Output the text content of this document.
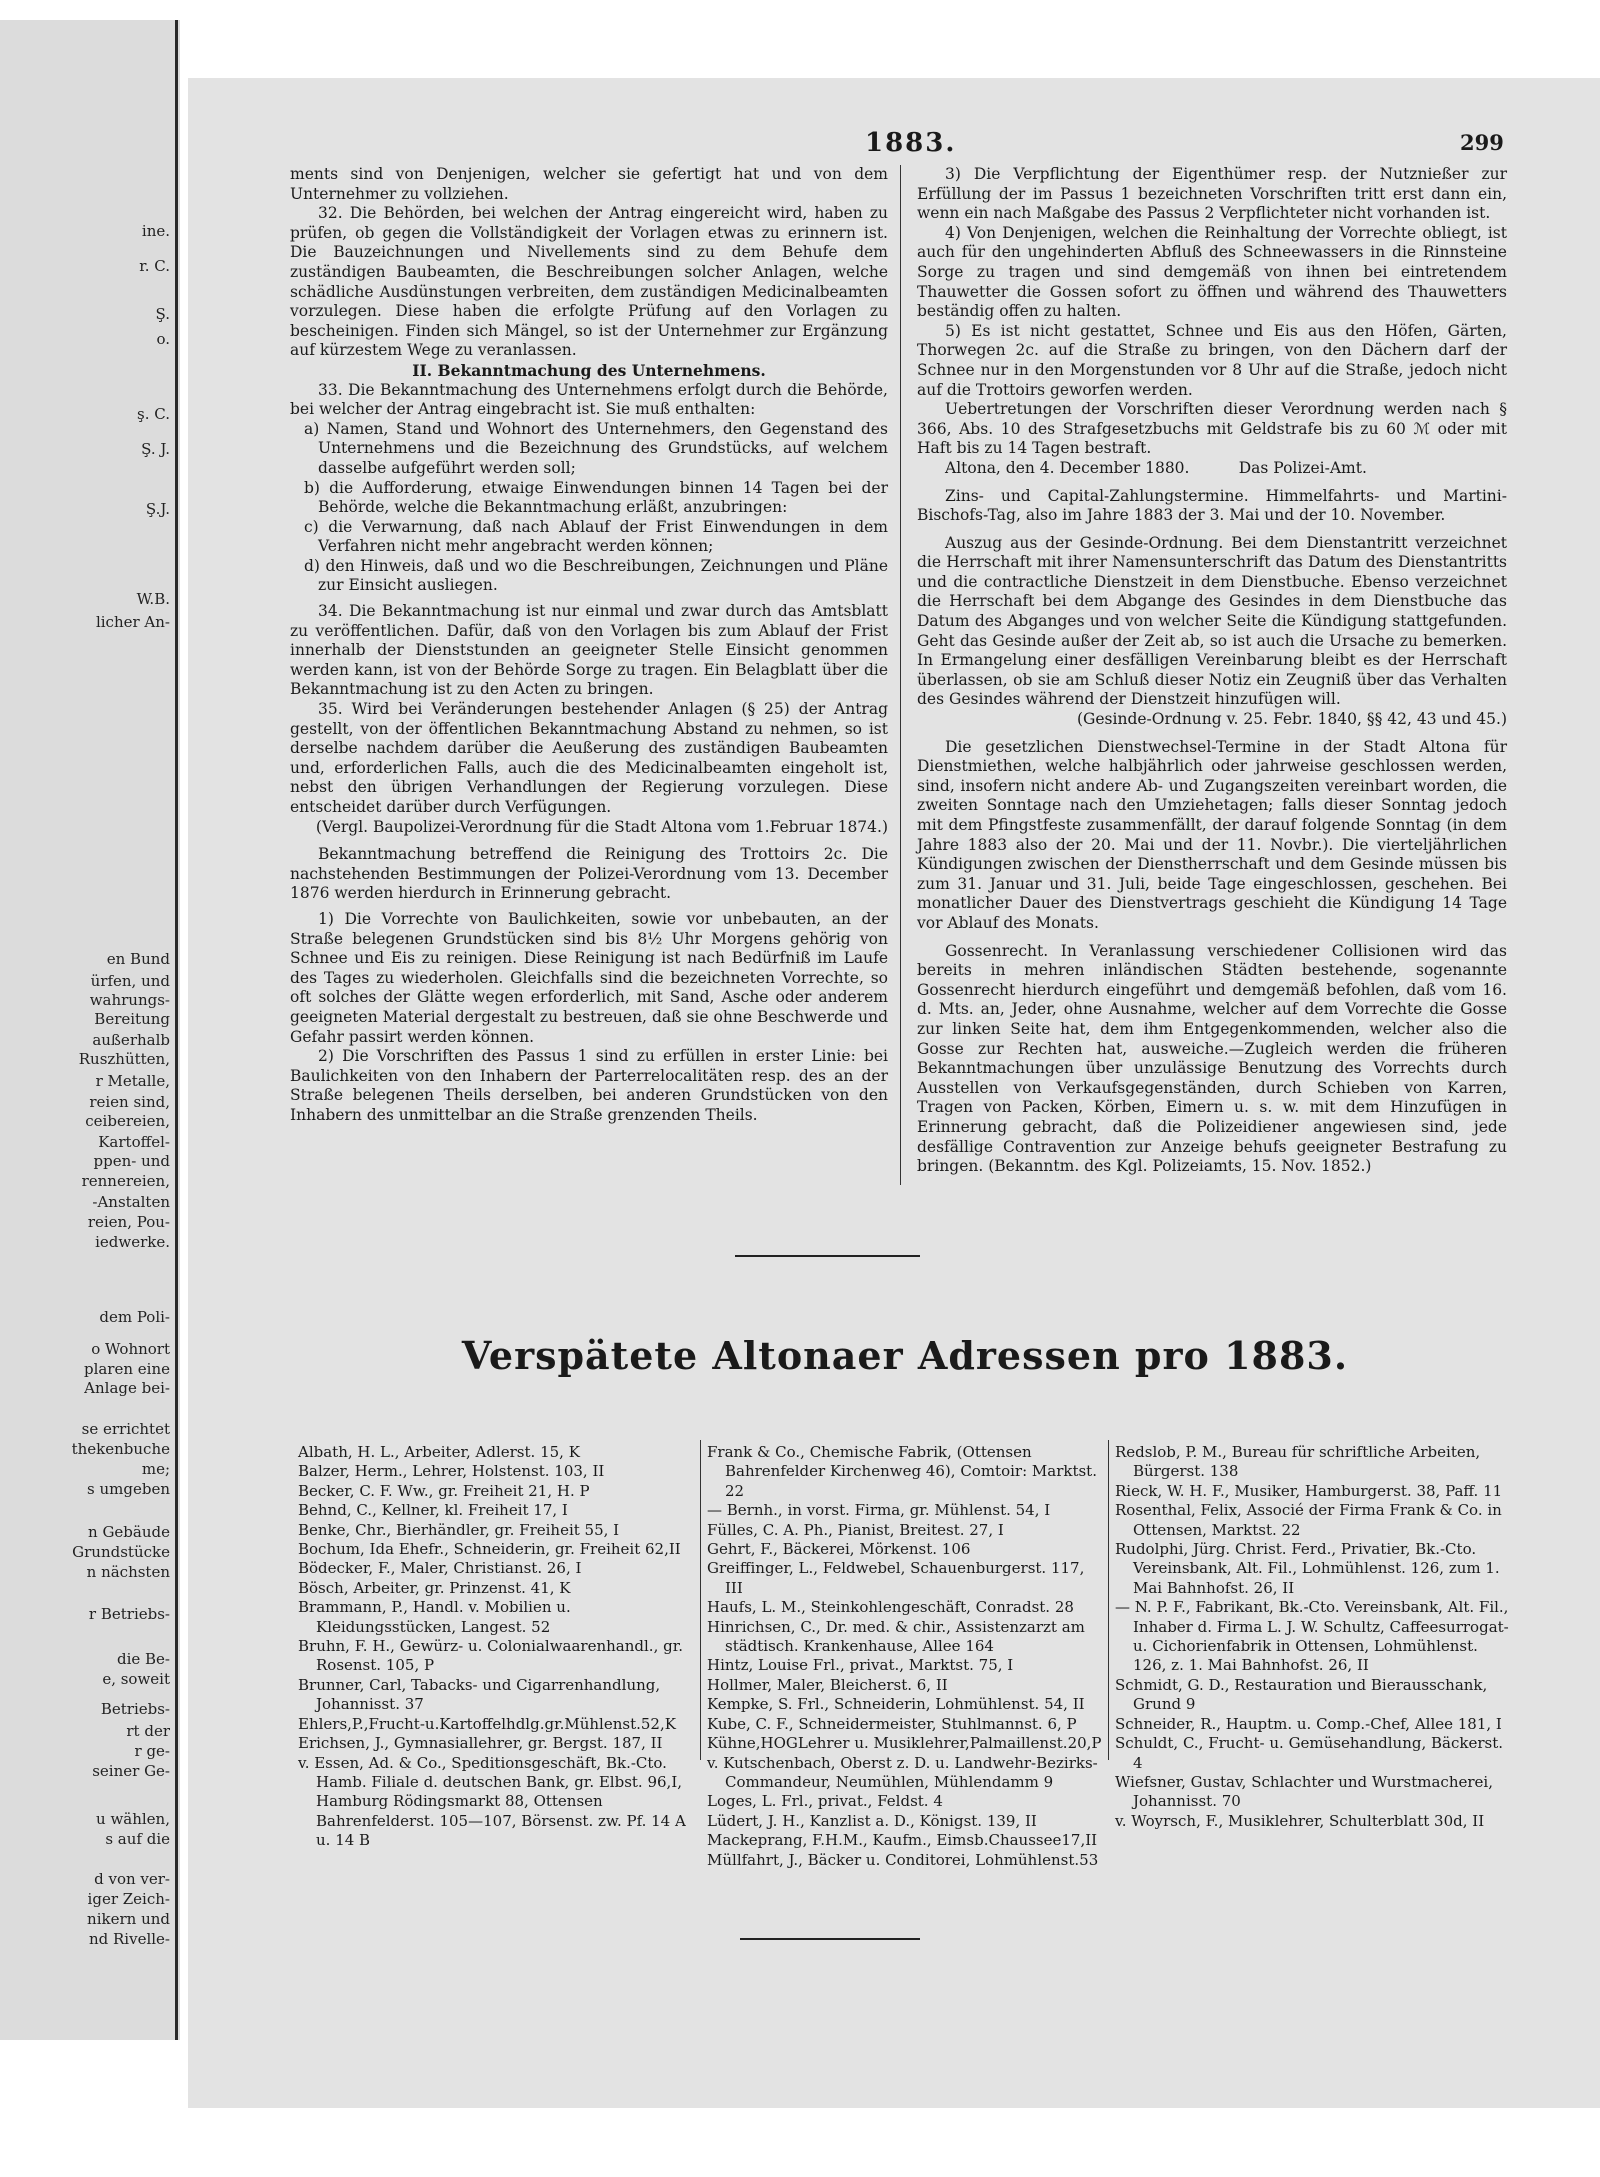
ine.
r. C.
Ş.
o.
ş. C.
Ş. J.
Ş.J.
W.B.
licher An-
en Bund
ürfen, und
wahrungs-
Bereitung
außerhalb
Ruszhütten,
r Metalle,
reien sind,
ceibereien,
Kartoffel-
ppen- und
rennereien,
-Anstalten
reien, Pou-
iedwerke.
dem Poli-
o Wohnort
plaren eine
Anlage bei-
se errichtet
thekenbuche
me;
s umgeben
n Gebäude
Grundstücke
n nächsten
r Betriebs-
die Be-
e, soweit
Betriebs-
rt der
r ge-
seiner Ge-
u wählen,
s auf die
d von ver-
iger Zeich-
nikern und
nd Rivelle-
1883.	299

ments sind von Denjenigen, welcher sie gefertigt hat und von dem Unternehmer zu vollziehen.

32. Die Behörden, bei welchen der Antrag eingereicht wird, haben zu prüfen, ob gegen die Vollständigkeit der Vorlagen etwas zu erinnern ist. Die Bauzeichnungen und Nivellements sind zu dem Behufe dem zuständigen Baubeamten, die Beschreibungen solcher Anlagen, welche schädliche Ausdünstungen verbreiten, dem zuständigen Medicinalbeamten vorzulegen. Diese haben die erfolgte Prüfung auf den Vorlagen zu bescheinigen. Finden sich Mängel, so ist der Unternehmer zur Ergänzung auf kürzestem Wege zu veranlassen.

II. Bekanntmachung des Unternehmens.

33. Die Bekanntmachung des Unternehmens erfolgt durch die Behörde, bei welcher der Antrag eingebracht ist. Sie muß enthalten:

a) Namen, Stand und Wohnort des Unternehmers, den Gegenstand des Unternehmens und die Bezeichnung des Grundstücks, auf welchem dasselbe aufgeführt werden soll;

b) die Aufforderung, etwaige Einwendungen binnen 14 Tagen bei der Behörde, welche die Bekanntmachung erläßt, anzubringen:

c) die Verwarnung, daß nach Ablauf der Frist Einwendungen in dem Verfahren nicht mehr angebracht werden können;

d) den Hinweis, daß und wo die Beschreibungen, Zeichnungen und Pläne zur Einsicht ausliegen.

34. Die Bekanntmachung ist nur einmal und zwar durch das Amtsblatt zu veröffentlichen. Dafür, daß von den Vorlagen bis zum Ablauf der Frist innerhalb der Dienststunden an geeigneter Stelle Einsicht genommen werden kann, ist von der Behörde Sorge zu tragen. Ein Belagblatt über die Bekanntmachung ist zu den Acten zu bringen.

35. Wird bei Veränderungen bestehender Anlagen (§ 25) der Antrag gestellt, von der öffentlichen Bekanntmachung Abstand zu nehmen, so ist derselbe nachdem darüber die Aeußerung des zuständigen Baubeamten und, erforderlichen Falls, auch die des Medicinalbeamten eingeholt ist, nebst den übrigen Verhandlungen der Regierung vorzulegen. Diese entscheidet darüber durch Verfügungen.

(Vergl. Baupolizei-Verordnung für die Stadt Altona vom 1.Februar 1874.)

Bekanntmachung betreffend die Reinigung des Trottoirs 2c. Die nachstehenden Bestimmungen der Polizei-Verordnung vom 13. December 1876 werden hierdurch in Erinnerung gebracht.

1) Die Vorrechte von Baulichkeiten, sowie vor unbebauten, an der Straße belegenen Grundstücken sind bis 8½ Uhr Morgens gehörig von Schnee und Eis zu reinigen. Diese Reinigung ist nach Bedürfniß im Laufe des Tages zu wiederholen. Gleichfalls sind die bezeichneten Vorrechte, so oft solches der Glätte wegen erforderlich, mit Sand, Asche oder anderem geeigneten Material dergestalt zu bestreuen, daß sie ohne Beschwerde und Gefahr passirt werden können.

2) Die Vorschriften des Passus 1 sind zu erfüllen in erster Linie: bei Baulichkeiten von den Inhabern der Parterrelocalitäten resp. des an der Straße belegenen Theils derselben, bei anderen Grundstücken von den Inhabern des unmittelbar an die Straße grenzenden Theils.

3) Die Verpflichtung der Eigenthümer resp. der Nutznießer zur Erfüllung der im Passus 1 bezeichneten Vorschriften tritt erst dann ein, wenn ein nach Maßgabe des Passus 2 Verpflichteter nicht vorhanden ist.

4) Von Denjenigen, welchen die Reinhaltung der Vorrechte obliegt, ist auch für den ungehinderten Abfluß des Schneewassers in die Rinnsteine Sorge zu tragen und sind demgemäß von ihnen bei eintretendem Thauwetter die Gossen sofort zu öffnen und während des Thauwetters beständig offen zu halten.

5) Es ist nicht gestattet, Schnee und Eis aus den Höfen, Gärten, Thorwegen 2c. auf die Straße zu bringen, von den Dächern darf der Schnee nur in den Morgenstunden vor 8 Uhr auf die Straße, jedoch nicht auf die Trottoirs geworfen werden.

Uebertretungen der Vorschriften dieser Verordnung werden nach § 366, Abs. 10 des Strafgesetzbuchs mit Geldstrafe bis zu 60 ℳ oder mit Haft bis zu 14 Tagen bestraft.

Altona, den 4. December 1880.          Das Polizei-Amt.

Zins- und Capital-Zahlungstermine. Himmelfahrts- und Martini-Bischofs-Tag, also im Jahre 1883 der 3. Mai und der 10. November.

Auszug aus der Gesinde-Ordnung. Bei dem Dienstantritt verzeichnet die Herrschaft mit ihrer Namensunterschrift das Datum des Dienstantritts und die contractliche Dienstzeit in dem Dienstbuche. Ebenso verzeichnet die Herrschaft bei dem Abgange des Gesindes in dem Dienstbuche das Datum des Abganges und von welcher Seite die Kündigung stattgefunden. Geht das Gesinde außer der Zeit ab, so ist auch die Ursache zu bemerken. In Ermangelung einer desfälligen Vereinbarung bleibt es der Herrschaft überlassen, ob sie am Schluß dieser Notiz ein Zeugniß über das Verhalten des Gesindes während der Dienstzeit hinzufügen will.

(Gesinde-Ordnung v. 25. Febr. 1840, §§ 42, 43 und 45.)

Die gesetzlichen Dienstwechsel-Termine in der Stadt Altona für Dienstmiethen, welche halbjährlich oder jahrweise geschlossen werden, sind, insofern nicht andere Ab- und Zugangszeiten vereinbart worden, die zweiten Sonntage nach den Umziehetagen; falls dieser Sonntag jedoch mit dem Pfingstfeste zusammenfällt, der darauf folgende Sonntag (in dem Jahre 1883 also der 20. Mai und der 11. Novbr.). Die vierteljährlichen Kündigungen zwischen der Dienstherrschaft und dem Gesinde müssen bis zum 31. Januar und 31. Juli, beide Tage eingeschlossen, geschehen. Bei monatlicher Dauer des Dienstvertrags geschieht die Kündigung 14 Tage vor Ablauf des Monats.

Gossenrecht. In Veranlassung verschiedener Collisionen wird das bereits in mehren inländischen Städten bestehende, sogenannte Gossenrecht hierdurch eingeführt und demgemäß befohlen, daß vom 16. d. Mts. an, Jeder, ohne Ausnahme, welcher auf dem Vorrechte die Gosse zur linken Seite hat, dem ihm Entgegenkommenden, welcher also die Gosse zur Rechten hat, ausweiche.—Zugleich werden die früheren Bekanntmachungen über unzulässige Benutzung des Vorrechts durch Ausstellen von Verkaufsgegenständen, durch Schieben von Karren, Tragen von Packen, Körben, Eimern u. s. w. mit dem Hinzufügen in Erinnerung gebracht, daß die Polizeidiener angewiesen sind, jede desfällige Contravention zur Anzeige behufs geeigneter Bestrafung zu bringen. (Bekanntm. des Kgl. Polizeiamts, 15. Nov. 1852.)

Verspätete Altonaer Adressen pro 1883.

Albath, H. L., Arbeiter, Adlerst. 15, K

Balzer, Herm., Lehrer, Holstenst. 103, II

Becker, C. F. Ww., gr. Freiheit 21, H. P

Behnd, C., Kellner, kl. Freiheit 17, I

Benke, Chr., Bierhändler, gr. Freiheit 55, I

Bochum, Ida Ehefr., Schneiderin, gr. Freiheit 62,II

Bödecker, F., Maler, Christianst. 26, I

Bösch, Arbeiter, gr. Prinzenst. 41, K

Brammann, P., Handl. v. Mobilien u. Kleidungsstücken, Langest. 52

Bruhn, F. H., Gewürz- u. Colonialwaarenhandl., gr. Rosenst. 105, P

Brunner, Carl, Tabacks- und Cigarrenhandlung, Johannisst. 37

Ehlers,P.,Frucht-u.Kartoffelhdlg.gr.Mühlenst.52,K

Erichsen, J., Gymnasiallehrer, gr. Bergst. 187, II

v. Essen, Ad. & Co., Speditionsgeschäft, Bk.-Cto. Hamb. Filiale d. deutschen Bank, gr. Elbst. 96,I, Hamburg Rödingsmarkt 88, Ottensen Bahrenfelderst. 105—107, Börsenst. zw. Pf. 14 A u. 14 B

Frank & Co., Chemische Fabrik, (Ottensen Bahrenfelder Kirchenweg 46), Comtoir: Marktst. 22

— Bernh., in vorst. Firma, gr. Mühlenst. 54, I

Fülles, C. A. Ph., Pianist, Breitest. 27, I

Gehrt, F., Bäckerei, Mörkenst. 106

Greiffinger, L., Feldwebel, Schauenburgerst. 117, III

Haufs, L. M., Steinkohlengeschäft, Conradst. 28

Hinrichsen, C., Dr. med. & chir., Assistenzarzt am städtisch. Krankenhause, Allee 164

Hintz, Louise Frl., privat., Marktst. 75, I

Hollmer, Maler, Bleicherst. 6, II

Kempke, S. Frl., Schneiderin, Lohmühlenst. 54, II

Kube, C. F., Schneidermeister, Stuhlmannst. 6, P

Kühne,HOGLehrer u. Musiklehrer,Palmaillenst.20,P

v. Kutschenbach, Oberst z. D. u. Landwehr-Bezirks-Commandeur, Neumühlen, Mühlendamm 9

Loges, L. Frl., privat., Feldst. 4

Lüdert, J. H., Kanzlist a. D., Königst. 139, II

Mackeprang, F.H.M., Kaufm., Eimsb.Chaussee17,II

Müllfahrt, J., Bäcker u. Conditorei, Lohmühlenst.53

Redslob, P. M., Bureau für schriftliche Arbeiten, Bürgerst. 138

Rieck, W. H. F., Musiker, Hamburgerst. 38, Paff. 11

Rosenthal, Felix, Associé der Firma Frank & Co. in Ottensen, Marktst. 22

Rudolphi, Jürg. Christ. Ferd., Privatier, Bk.-Cto. Vereinsbank, Alt. Fil., Lohmühlenst. 126, zum 1. Mai Bahnhofst. 26, II

— N. P. F., Fabrikant, Bk.-Cto. Vereinsbank, Alt. Fil., Inhaber d. Firma L. J. W. Schultz, Caffeesurrogat- u. Cichorienfabrik in Ottensen, Lohmühlenst. 126, z. 1. Mai Bahnhofst. 26, II

Schmidt, G. D., Restauration und Bierausschank, Grund 9

Schneider, R., Hauptm. u. Comp.-Chef, Allee 181, I

Schuldt, C., Frucht- u. Gemüsehandlung, Bäckerst. 4

Wiefsner, Gustav, Schlachter und Wurstmacherei, Johannisst. 70

v. Woyrsch, F., Musiklehrer, Schulterblatt 30d, II
